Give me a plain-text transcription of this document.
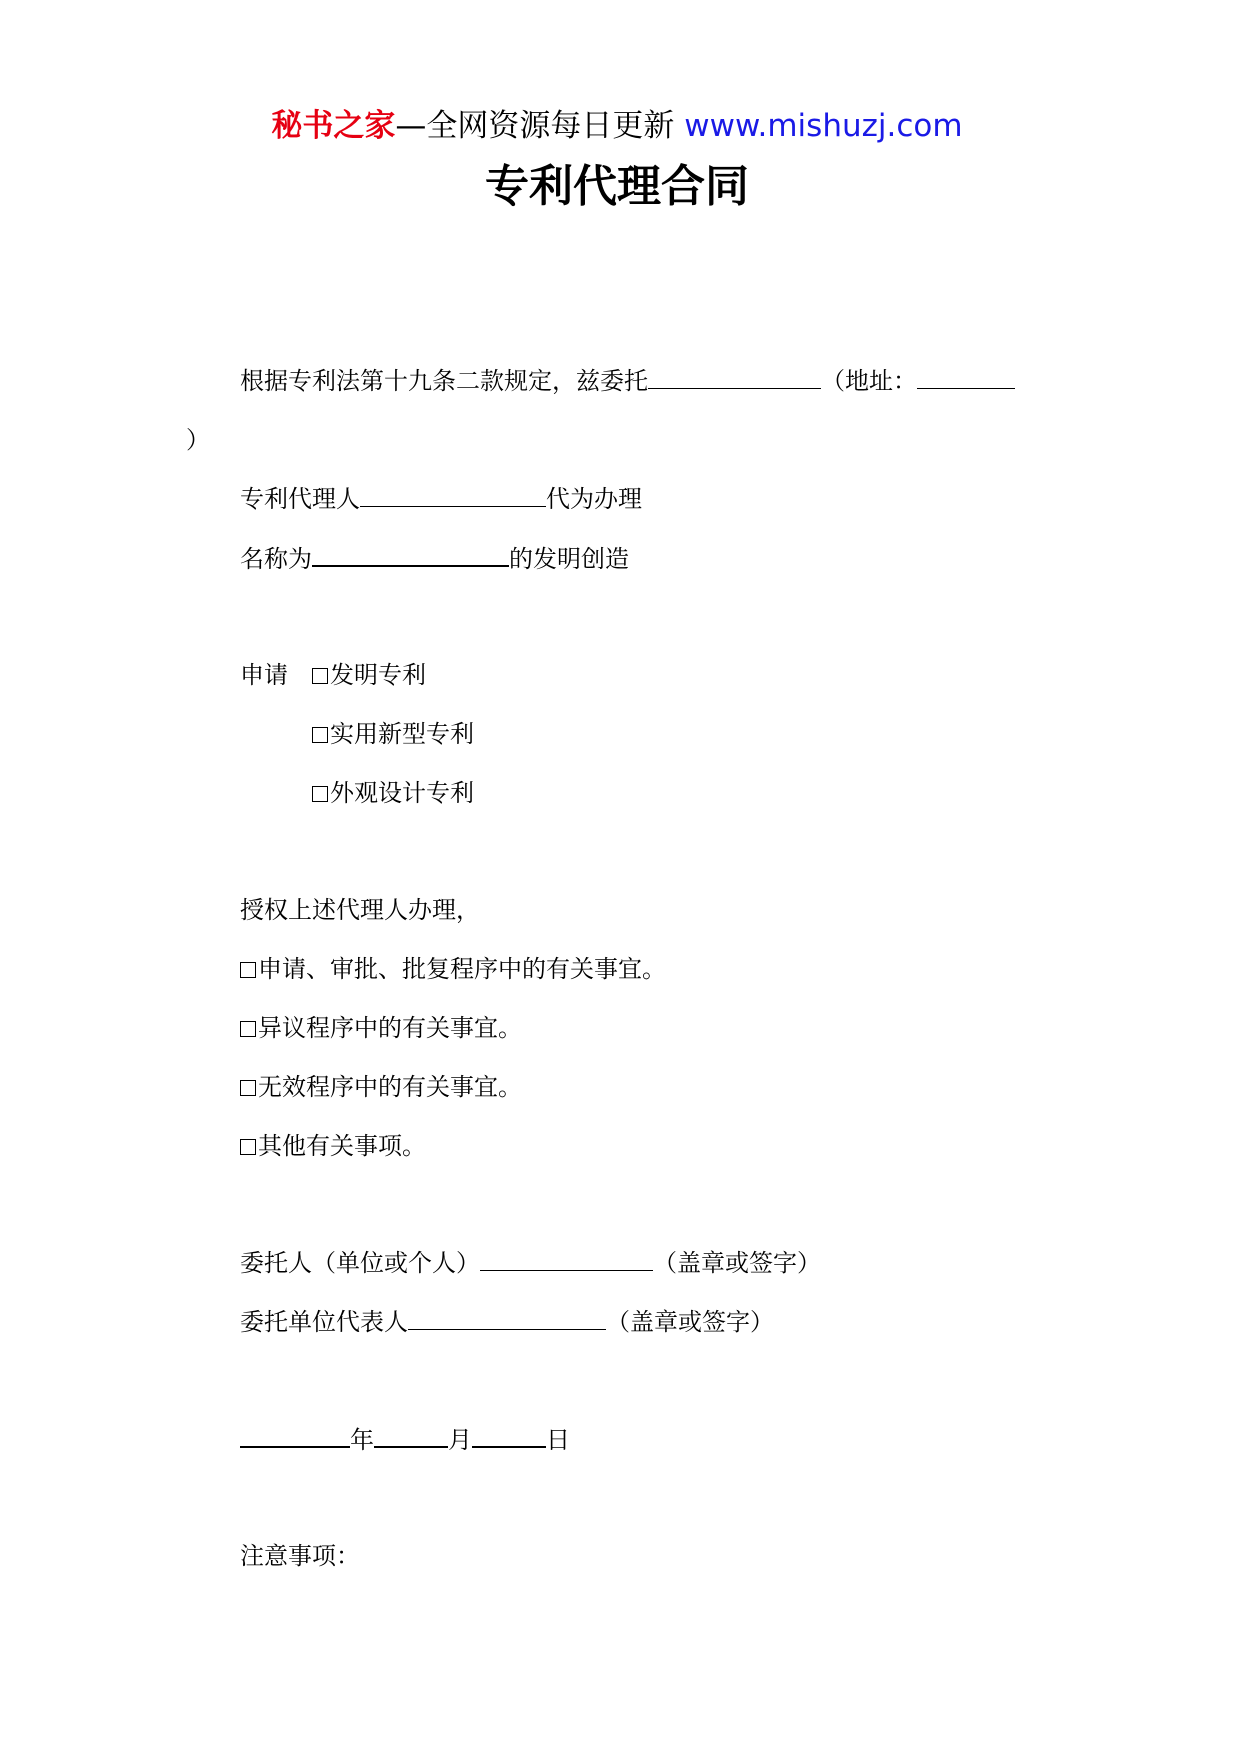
秘书之家—全网资源每日更新 www.mishuzj.com
专利代理合同
根据专利法第十九条二款规定，兹委托	（地址：
）
专利代理人	代为办理
名称为	的发明创造
申请	发明专利
实用新型专利
外观设计专利
授权上述代理人办理，
申请、审批、批复程序中的有关事宜。
异议程序中的有关事宜。
无效程序中的有关事宜。
其他有关事项。
委托人（单位或个人）	（盖章或签字）
委托单位代表人	（盖章或签字）
年	月	日
注意事项：
